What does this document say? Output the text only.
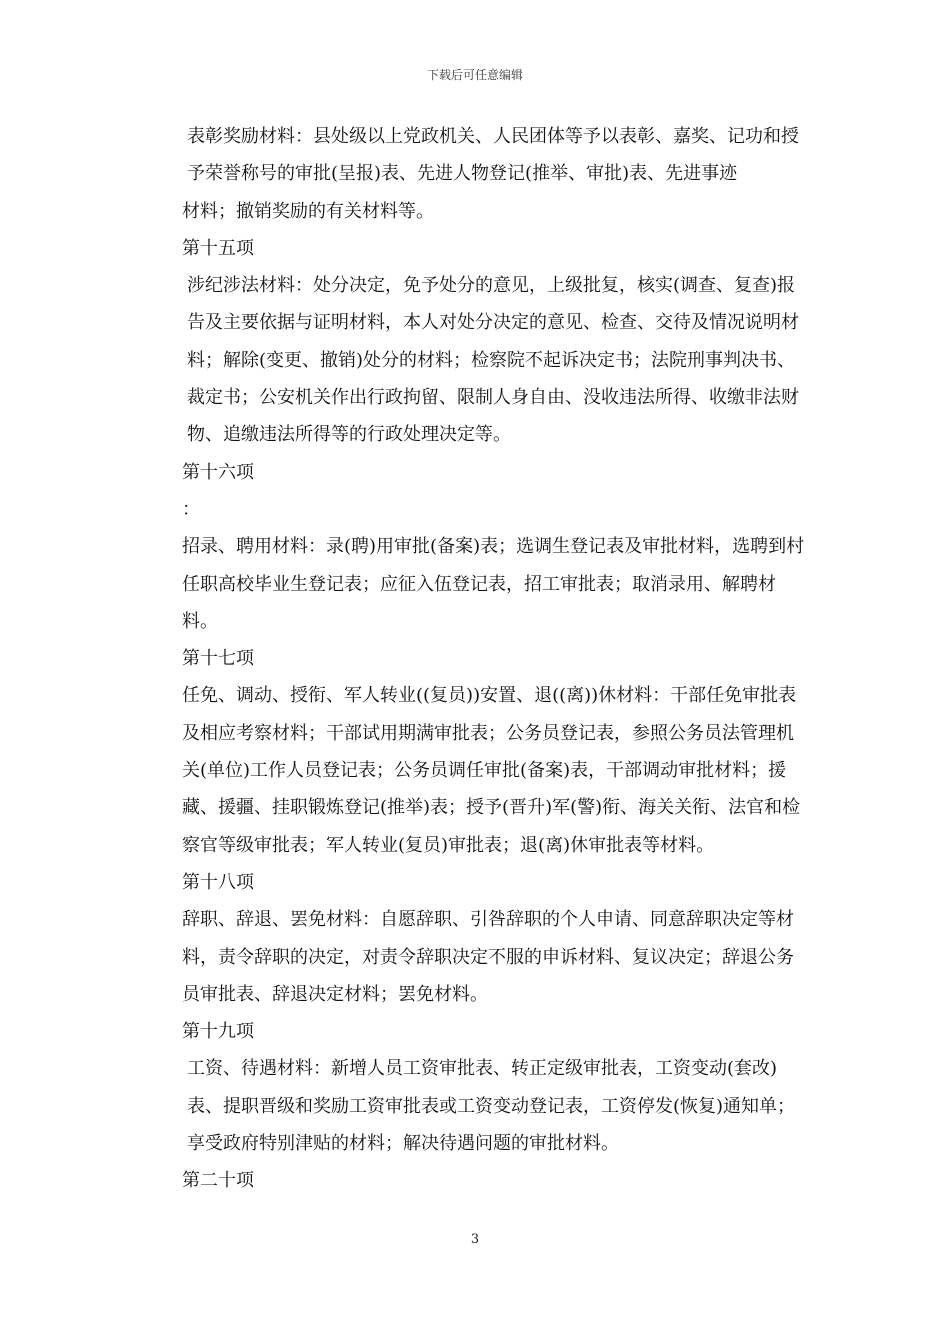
下载后可任意编辑

表彰奖励材料：县处级以上党政机关、人民团体等予以表彰、嘉奖、记功和授予荣誉称号的审批(呈报)表、先进人物登记(推举、审批)表、先进事迹

材料；撤销奖励的有关材料等。

第十五项

涉纪涉法材料：处分决定，免予处分的意见，上级批复，核实(调查、复查)报告及主要依据与证明材料，本人对处分决定的意见、检查、交待及情况说明材料；解除(变更、撤销)处分的材料；检察院不起诉决定书；法院刑事判决书、裁定书；公安机关作出行政拘留、限制人身自由、没收违法所得、收缴非法财物、追缴违法所得等的行政处理决定等。

第十六项

：

招录、聘用材料：录(聘)用审批(备案)表；选调生登记表及审批材料，选聘到村任职高校毕业生登记表；应征入伍登记表，招工审批表；取消录用、解聘材料。

第十七项

任免、调动、授衔、军人转业((复员))安置、退((离))休材料：干部任免审批表及相应考察材料；干部试用期满审批表；公务员登记表，参照公务员法管理机关(单位)工作人员登记表；公务员调任审批(备案)表，干部调动审批材料；援藏、援疆、挂职锻炼登记(推举)表；授予(晋升)军(警)衔、海关关衔、法官和检察官等级审批表；军人转业(复员)审批表；退(离)休审批表等材料。

第十八项

辞职、辞退、罢免材料：自愿辞职、引咎辞职的个人申请、同意辞职决定等材料，责令辞职的决定，对责令辞职决定不服的申诉材料、复议决定；辞退公务员审批表、辞退决定材料；罢免材料。

第十九项

工资、待遇材料：新增人员工资审批表、转正定级审批表，工资变动(套改)表、提职晋级和奖励工资审批表或工资变动登记表，工资停发(恢复)通知单；享受政府特别津贴的材料；解决待遇问题的审批材料。

第二十项

3
